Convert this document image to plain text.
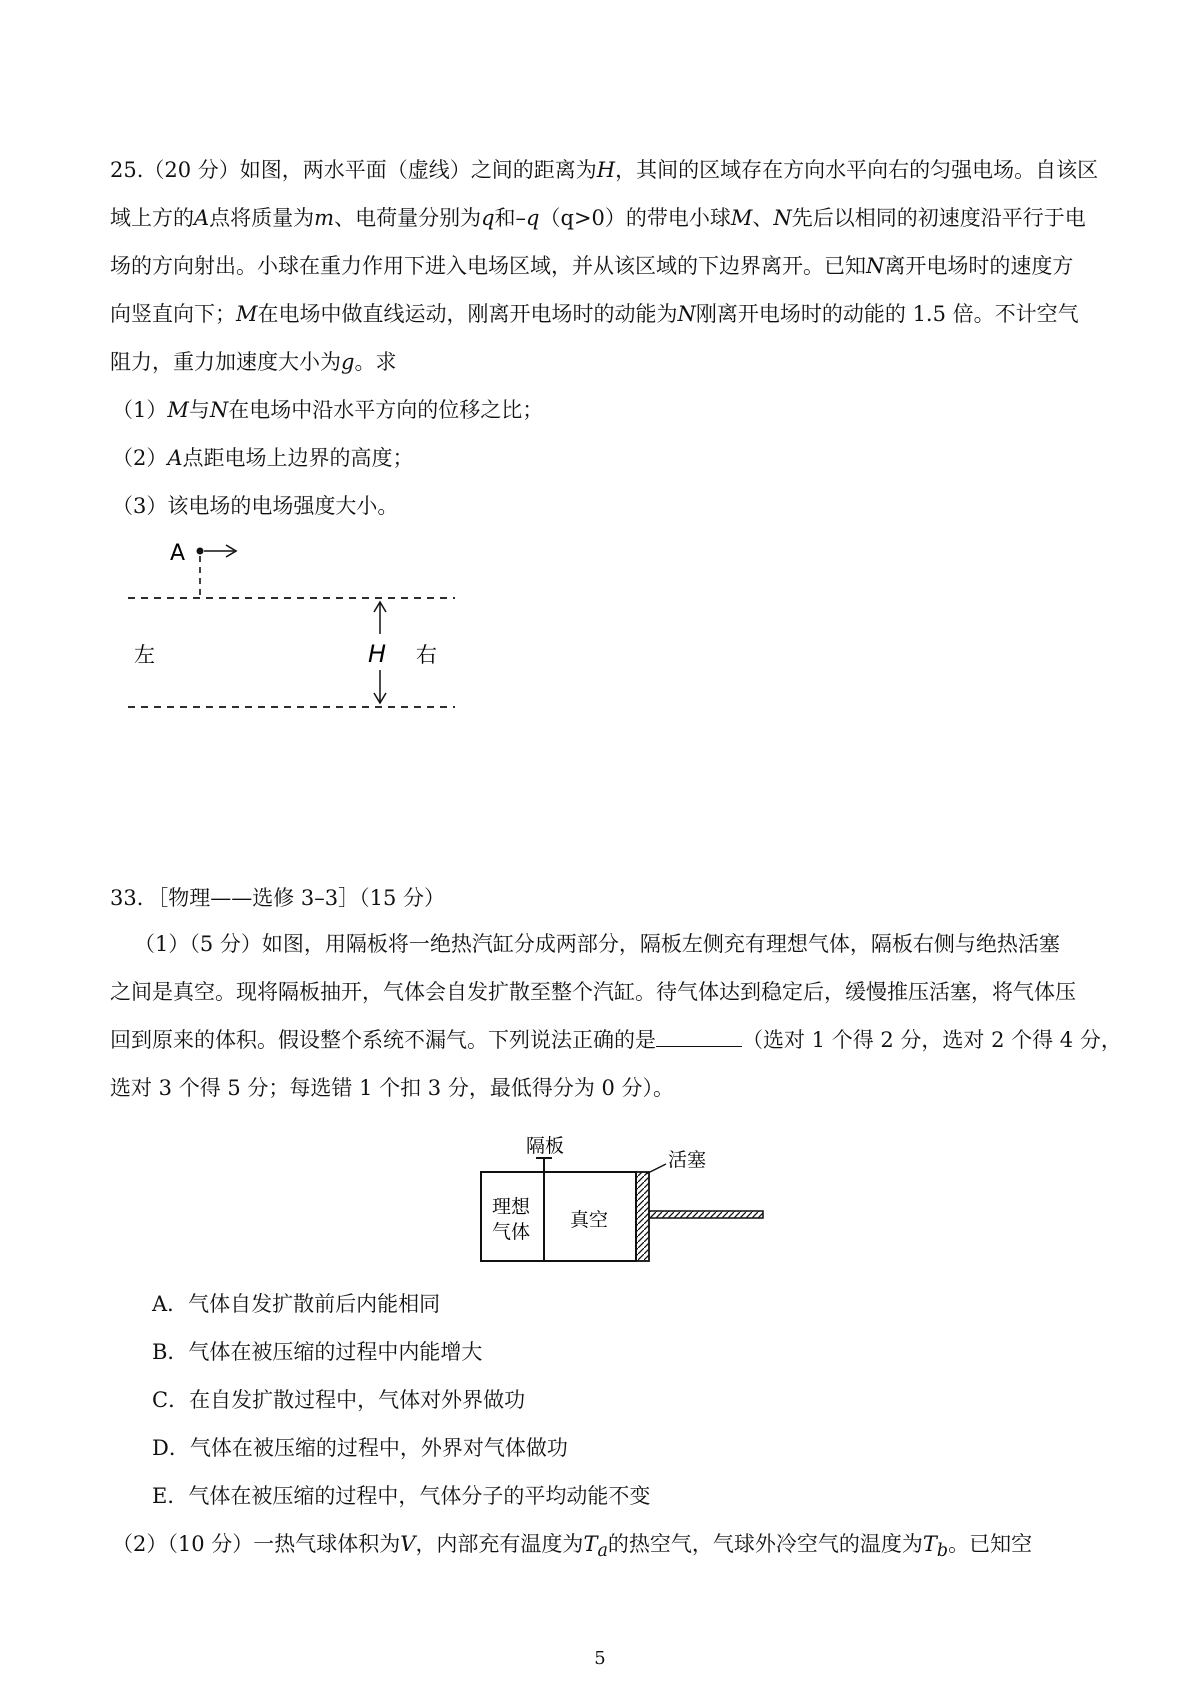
25.（20 分）如图，两水平面（虚线）之间的距离为H，其间的区域存在方向水平向右的匀强电场。自该区
域上方的A点将质量为m、电荷量分别为q和–q（q>0）的带电小球M、N先后以相同的初速度沿平行于电
场的方向射出。小球在重力作用下进入电场区域，并从该区域的下边界离开。已知N离开电场时的速度方
向竖直向下；M在电场中做直线运动，刚离开电场时的动能为N刚离开电场时的动能的 1.5 倍。不计空气
阻力，重力加速度大小为g。求
（1）M与N在电场中沿水平方向的位移之比；
（2）A点距电场上边界的高度；
（3）该电场的电场强度大小。
A
左	右
H
33．［物理——选修 3–3］（15 分）
（1）（5 分）如图，用隔板将一绝热汽缸分成两部分，隔板左侧充有理想气体，隔板右侧与绝热活塞
之间是真空。现将隔板抽开，气体会自发扩散至整个汽缸。待气体达到稳定后，缓慢推压活塞，将气体压
回到原来的体积。假设整个系统不漏气。下列说法正确的是	（选对 1 个得 2 分，选对 2 个得 4 分，
选对 3 个得 5 分；每选错 1 个扣 3 分，最低得分为 0 分）。
隔板
理想
气体
真空
活塞
A．气体自发扩散前后内能相同
B．气体在被压缩的过程中内能增大
C．在自发扩散过程中，气体对外界做功
D．气体在被压缩的过程中，外界对气体做功
E．气体在被压缩的过程中，气体分子的平均动能不变
（2）（10 分）一热气球体积为V，内部充有温度为$T_a$的热空气，气球外冷空气的温度为$T_b$。已知空
5
